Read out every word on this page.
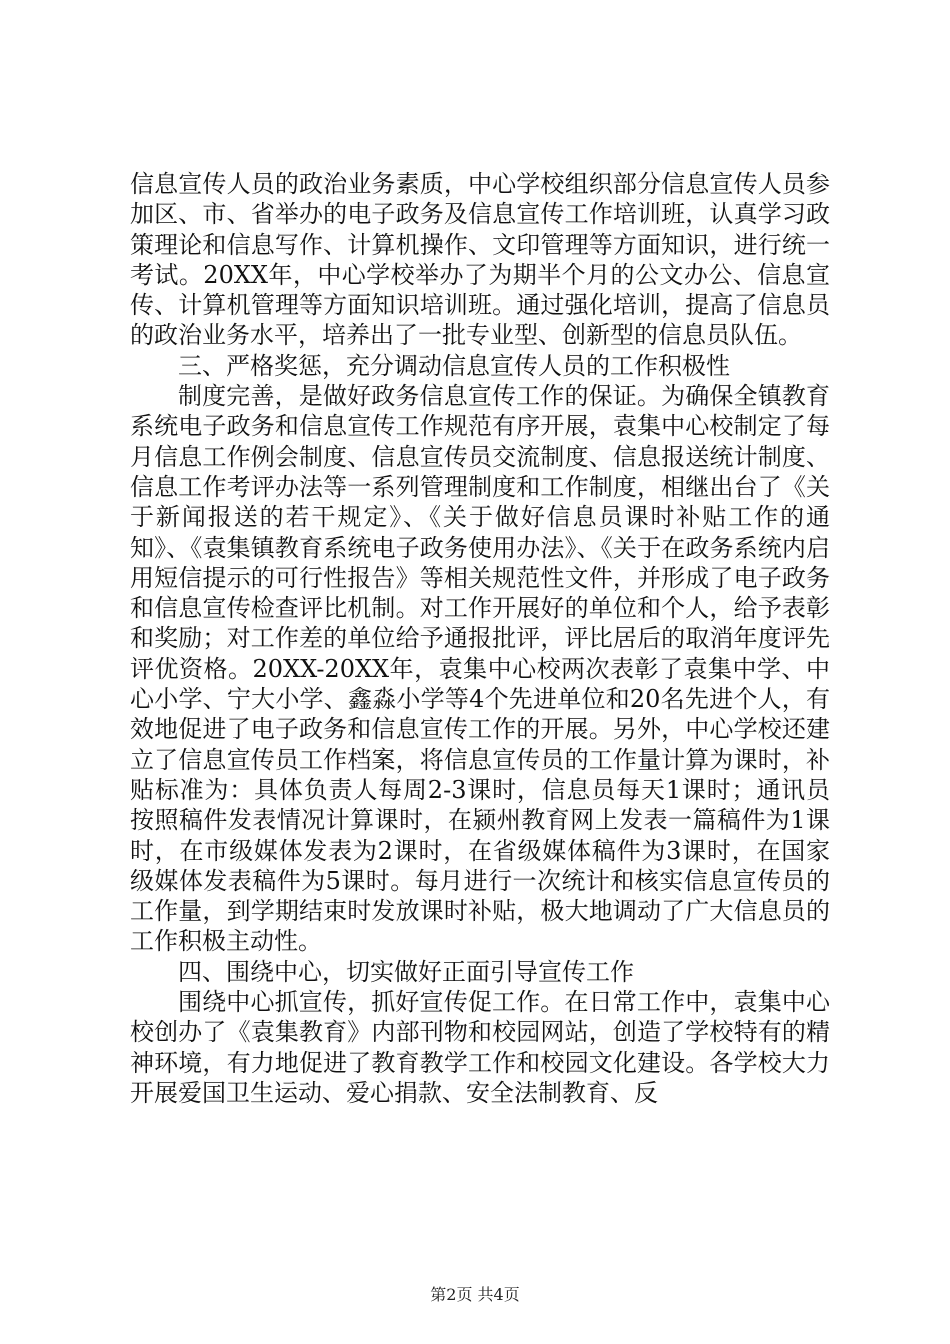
信息宣传人员的政治业务素质，中心学校组织部分信息宣传人员参加区、市、省举办的电子政务及信息宣传工作培训班，认真学习政策理论和信息写作、计算机操作、文印管理等方面知识，进行统一考试。20XX年，中心学校举办了为期半个月的公文办公、信息宣传、计算机管理等方面知识培训班。通过强化培训，提高了信息员的政治业务水平，培养出了一批专业型、创新型的信息员队伍。

三、严格奖惩，充分调动信息宣传人员的工作积极性

制度完善，是做好政务信息宣传工作的保证。为确保全镇教育系统电子政务和信息宣传工作规范有序开展，袁集中心校制定了每月信息工作例会制度、信息宣传员交流制度、信息报送统计制度、信息工作考评办法等一系列管理制度和工作制度，相继出台了《关于新闻报送的若干规定》、《关于做好信息员课时补贴工作的通知》、《袁集镇教育系统电子政务使用办法》、《关于在政务系统内启用短信提示的可行性报告》等相关规范性文件，并形成了电子政务和信息宣传检查评比机制。对工作开展好的单位和个人，给予表彰和奖励；对工作差的单位给予通报批评，评比居后的取消年度评先评优资格。20XX-20XX年，袁集中心校两次表彰了袁集中学、中心小学、宁大小学、鑫淼小学等4个先进单位和20名先进个人，有效地促进了电子政务和信息宣传工作的开展。另外，中心学校还建立了信息宣传员工作档案，将信息宣传员的工作量计算为课时，补贴标准为：具体负责人每周2-3课时，信息员每天1课时；通讯员按照稿件发表情况计算课时，在颍州教育网上发表一篇稿件为1课时，在市级媒体发表为2课时，在省级媒体稿件为3课时，在国家级媒体发表稿件为5课时。每月进行一次统计和核实信息宣传员的工作量，到学期结束时发放课时补贴，极大地调动了广大信息员的工作积极主动性。

四、围绕中心，切实做好正面引导宣传工作

围绕中心抓宣传，抓好宣传促工作。在日常工作中，袁集中心校创办了《袁集教育》内部刊物和校园网站，创造了学校特有的精神环境，有力地促进了教育教学工作和校园文化建设。各学校大力开展爱国卫生运动、爱心捐款、安全法制教育、反

第2页 共4页
